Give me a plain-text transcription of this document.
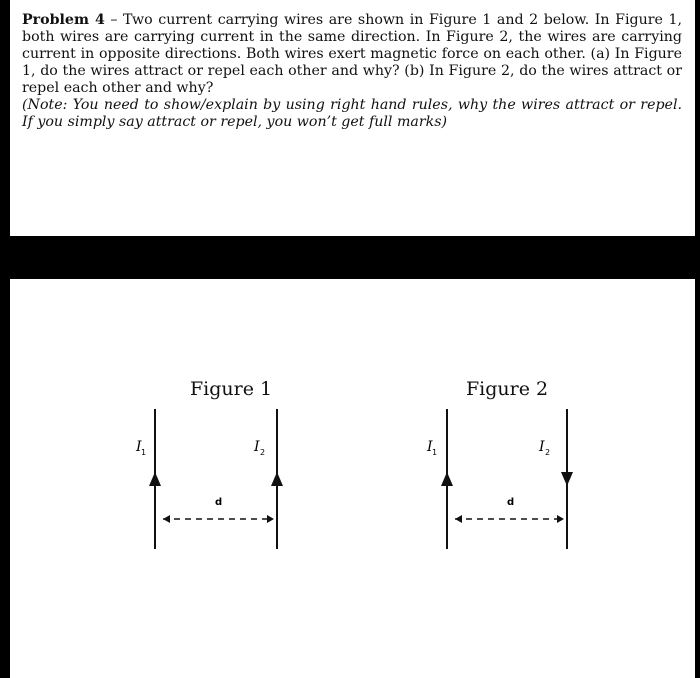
Problem 4 – Two current carrying wires are shown in Figure 1 and 2 below. In Figure 1, both wires are carrying current in the same direction. In Figure 2, the wires are carrying current in opposite directions. Both wires exert magnetic force on each other. (a) In Figure 1, do the wires attract or repel each other and why? (b) In Figure 2, do the wires attract or repel each other and why?
(Note: You need to show/explain by using right hand rules, why the wires attract or repel. If you simply say attract or repel, you won’t get full marks)
Figure 1	Figure 2
I 1	I 2
d
I 1	I 2
d
